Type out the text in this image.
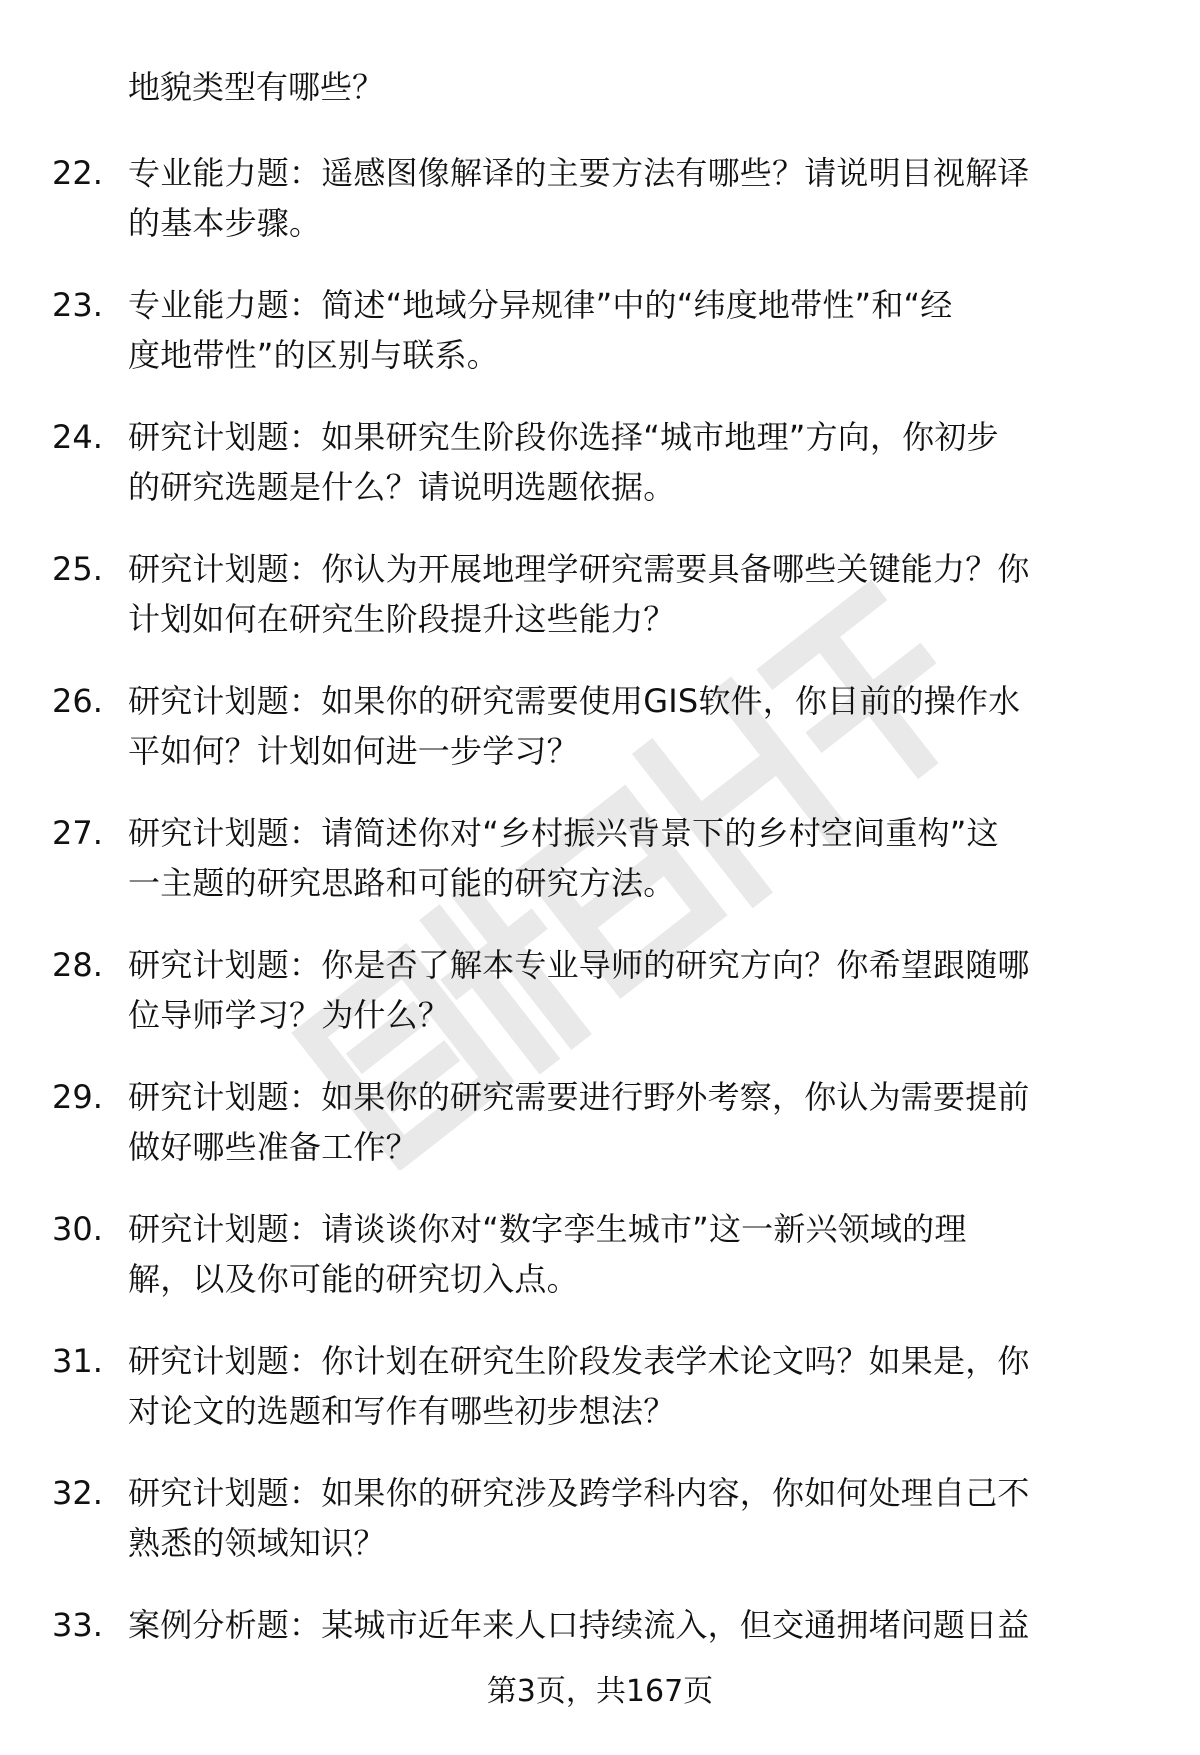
地貌类型有哪些？
22. 专业能力题：遥感图像解译的主要方法有哪些？请说明目视解译
的基本步骤。
23. 专业能力题：简述“地域分异规律”中的“纬度地带性”和“经
度地带性”的区别与联系。
24. 研究计划题：如果研究生阶段你选择“城市地理”方向，你初步
的研究选题是什么？请说明选题依据。
25. 研究计划题：你认为开展地理学研究需要具备哪些关键能力？你
计划如何在研究生阶段提升这些能力？
26. 研究计划题：如果你的研究需要使用GIS软件，你目前的操作水
平如何？计划如何进一步学习？
27. 研究计划题：请简述你对“乡村振兴背景下的乡村空间重构”这
一主题的研究思路和可能的研究方法。
28. 研究计划题：你是否了解本专业导师的研究方向？你希望跟随哪
位导师学习？为什么？
29. 研究计划题：如果你的研究需要进行野外考察，你认为需要提前
做好哪些准备工作？
30. 研究计划题：请谈谈你对“数字孪生城市”这一新兴领域的理
解，以及你可能的研究切入点。
31. 研究计划题：你计划在研究生阶段发表学术论文吗？如果是，你
对论文的选题和写作有哪些初步想法？
32. 研究计划题：如果你的研究涉及跨学科内容，你如何处理自己不
熟悉的领域知识？
33. 案例分析题：某城市近年来人口持续流入，但交通拥堵问题日益
第3页，共167页
